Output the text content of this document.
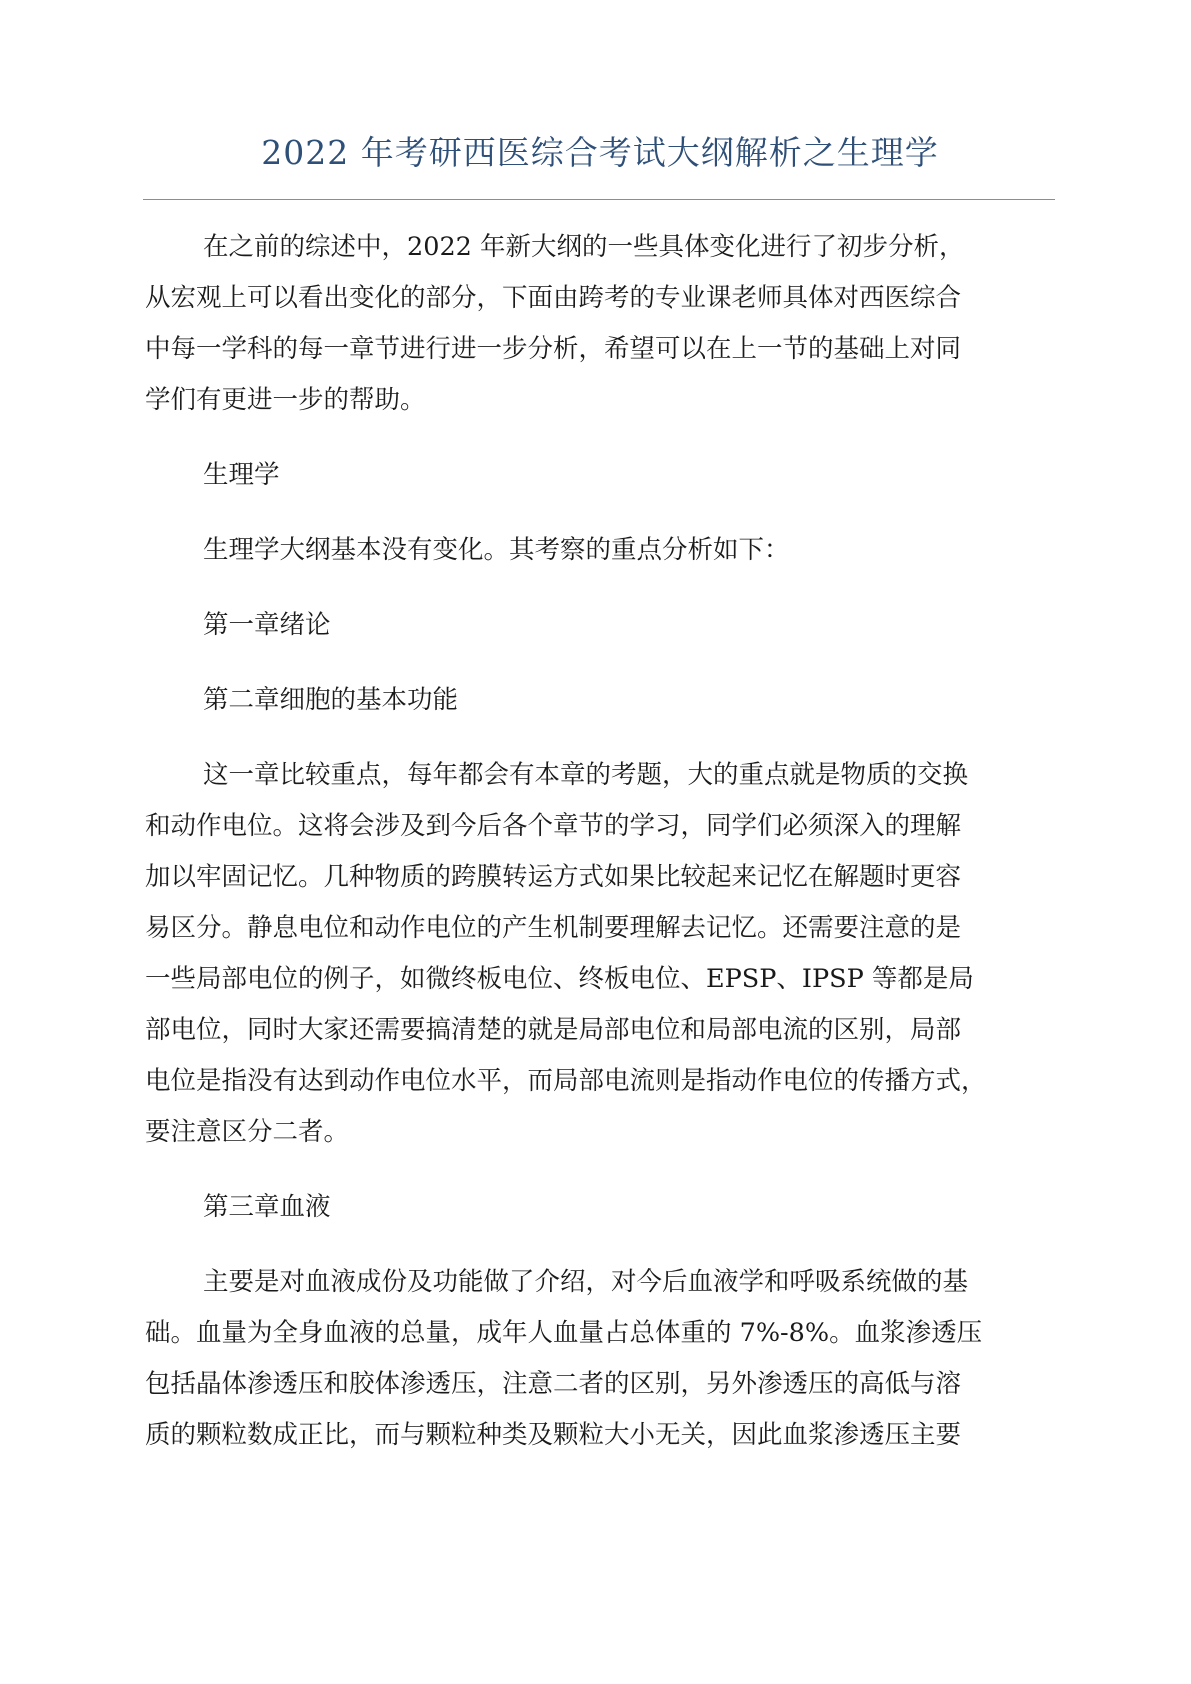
2022 年考研西医综合考试大纲解析之生理学

在之前的综述中，2022 年新大纲的一些具体变化进行了初步分析，
从宏观上可以看出变化的部分，下面由跨考的专业课老师具体对西医综合
中每一学科的每一章节进行进一步分析，希望可以在上一节的基础上对同
学们有更进一步的帮助。

生理学

生理学大纲基本没有变化。其考察的重点分析如下：

第一章绪论

第二章细胞的基本功能

这一章比较重点，每年都会有本章的考题，大的重点就是物质的交换
和动作电位。这将会涉及到今后各个章节的学习，同学们必须深入的理解
加以牢固记忆。几种物质的跨膜转运方式如果比较起来记忆在解题时更容
易区分。静息电位和动作电位的产生机制要理解去记忆。还需要注意的是
一些局部电位的例子，如微终板电位、终板电位、EPSP、IPSP 等都是局
部电位，同时大家还需要搞清楚的就是局部电位和局部电流的区别，局部
电位是指没有达到动作电位水平，而局部电流则是指动作电位的传播方式，
要注意区分二者。

第三章血液

主要是对血液成份及功能做了介绍，对今后血液学和呼吸系统做的基
础。血量为全身血液的总量，成年人血量占总体重的 7%-8%。血浆渗透压
包括晶体渗透压和胶体渗透压，注意二者的区别，另外渗透压的高低与溶
质的颗粒数成正比，而与颗粒种类及颗粒大小无关，因此血浆渗透压主要
